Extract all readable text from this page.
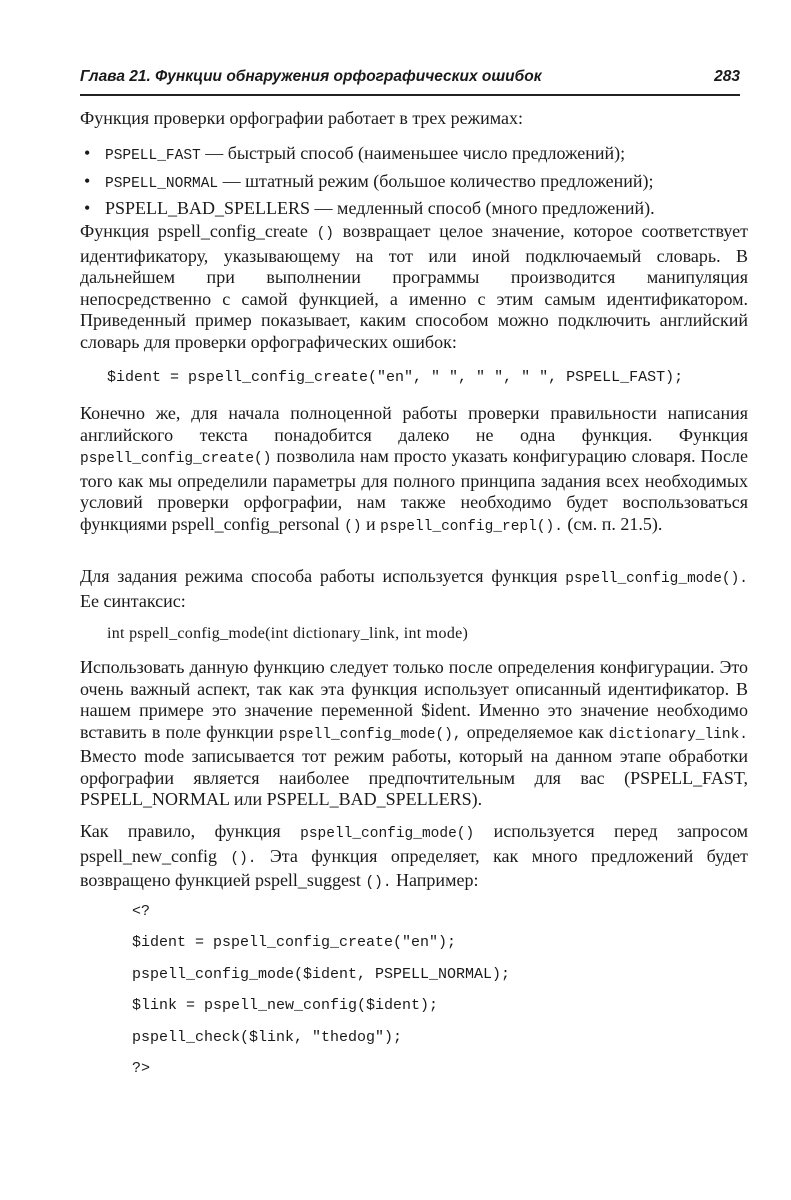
Глава 21. Функции обнаружения орфографических ошибок	283
Функция проверки орфографии работает в трех режимах:
• PSPELL_FAST — быстрый способ (наименьшее число предложений);
• PSPELL_NORMAL — штатный режим (большое количество предложений);
• PSPELL_BAD_SPELLERS — медленный способ (много предложений).
Функция pspell_config_create () возвращает целое значение, которое соответствует идентификатору, указывающему на тот или иной подключаемый словарь. В дальнейшем при выполнении программы производится манипуляция непосредственно с самой функцией, а именно с этим самым идентификатором. Приведенный пример показывает, каким способом можно подключить английский словарь для проверки орфографических ошибок:
$ident = pspell_config_create("en", " ", " ", " ", PSPELL_FAST);
Конечно же, для начала полноценной работы проверки правильности написания английского текста понадобится далеко не одна функция. Функция pspell_config_create() позволила нам просто указать конфигурацию словаря. После того как мы определили параметры для полного принципа задания всех необходимых условий проверки орфографии, нам также необходимо будет воспользоваться функциями pspell_config_personal () и pspell_config_repl(). (см. п. 21.5).
Для задания режима способа работы используется функция pspell_config_mode(). Ее синтаксис:
int pspell_config_mode(int dictionary_link, int mode)
Использовать данную функцию следует только после определения конфигурации. Это очень важный аспект, так как эта функция использует описанный идентификатор. В нашем примере это значение переменной $ident. Именно это значение необходимо вставить в поле функции pspell_config_mode(), определяемое как dictionary_link. Вместо mode записывается тот режим работы, который на данном этапе обработки орфографии является наиболее предпочтительным для вас (PSPELL_FAST, PSPELL_NORMAL или PSPELL_BAD_SPELLERS).
Как правило, функция pspell_config_mode() используется перед запросом pspell_new_config (). Эта функция определяет, как много предложений будет возвращено функцией pspell_suggest (). Например:
<?
$ident = pspell_config_create("en");
pspell_config_mode($ident, PSPELL_NORMAL);
$link = pspell_new_config($ident);
pspell_check($link, "thedog");
?>
